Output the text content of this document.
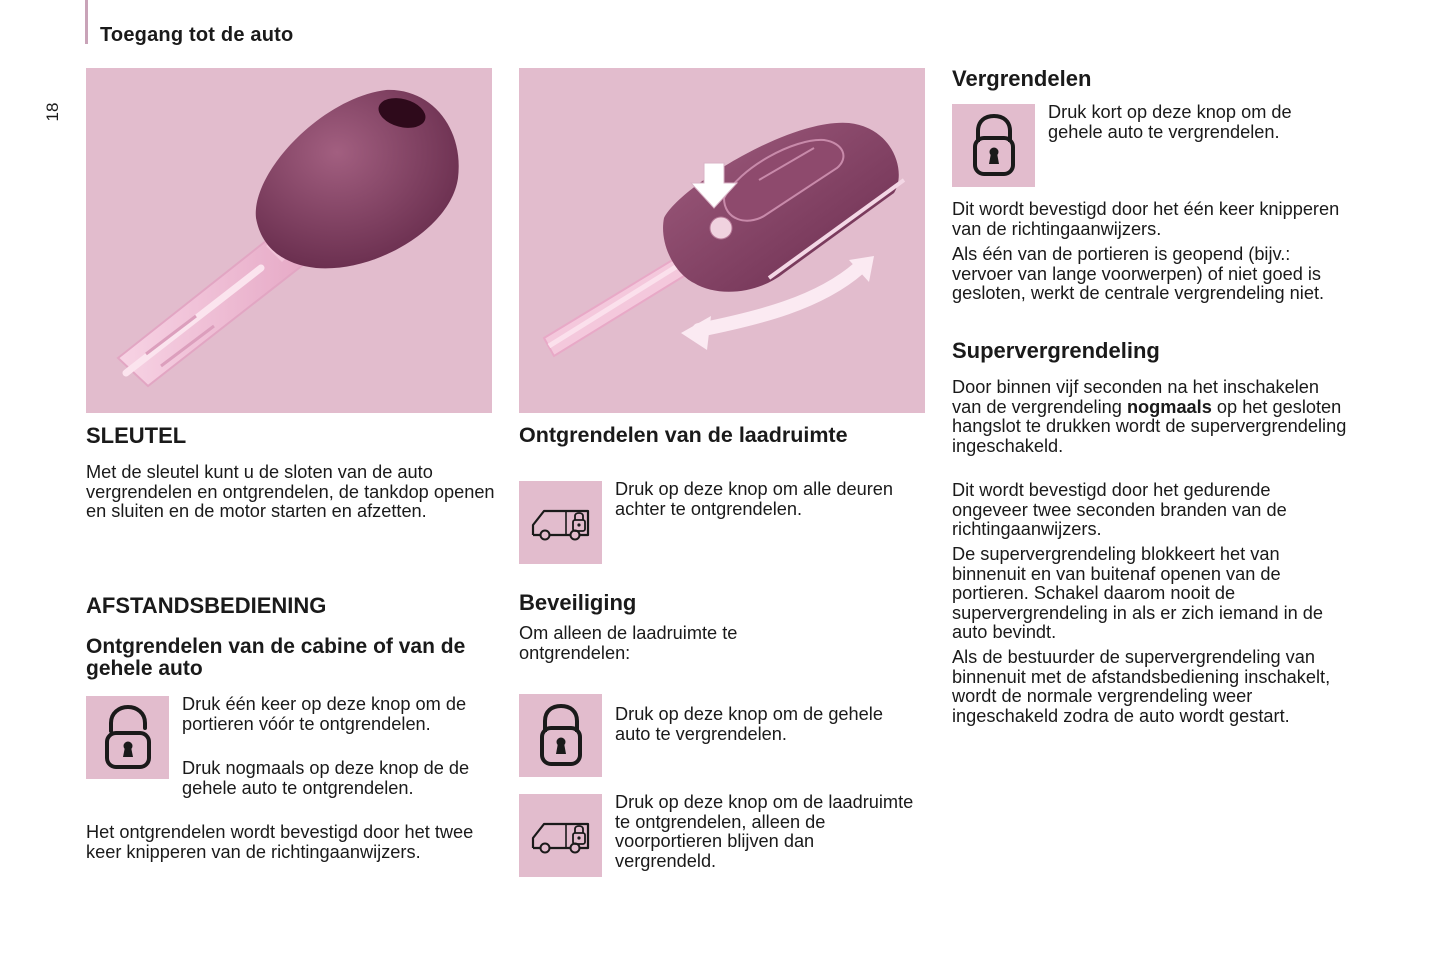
Toegang tot de auto
18
SLEUTEL
Met de sleutel kunt u de sloten van de auto vergrendelen en ontgrendelen, de tankdop openen en sluiten en de motor starten en afzetten.
AFSTANDSBEDIENING
Ontgrendelen van de cabine of van de gehele auto
Druk één keer op deze knop om de portieren vóór te ontgrendelen.
Druk nogmaals op deze knop de de gehele auto te ontgrendelen.
Het ontgrendelen wordt bevestigd door het twee keer knipperen van de richtingaanwijzers.
Ontgrendelen van de laadruimte
Druk op deze knop om alle deuren achter te ontgrendelen.
Beveiliging
Om alleen de laadruimte te ontgrendelen:
Druk op deze knop om de gehele auto te vergrendelen.
Druk op deze knop om de laadruimte te ontgrendelen, alleen de voorportieren blijven dan vergrendeld.
Vergrendelen
Druk kort op deze knop om de gehele auto te vergrendelen.
Dit wordt bevestigd door het één keer knipperen van de richtingaanwijzers.
Als één van de portieren is geopend (bijv.: vervoer van lange voorwerpen) of niet goed is gesloten, werkt de centrale vergrendeling niet.
Supervergrendeling
Door binnen vijf seconden na het inschakelen van de vergrendeling nogmaals op het gesloten hangslot te drukken wordt de supervergrendeling ingeschakeld.
Dit wordt bevestigd door het gedurende ongeveer twee seconden branden van de richtingaanwijzers.
De supervergrendeling blokkeert het van binnenuit en van buitenaf openen van de portieren. Schakel daarom nooit de supervergrendeling in als er zich iemand in de auto bevindt.
Als de bestuurder de supervergrendeling van binnenuit met de afstandsbediening inschakelt, wordt de normale vergrendeling weer ingeschakeld zodra de auto wordt gestart.
